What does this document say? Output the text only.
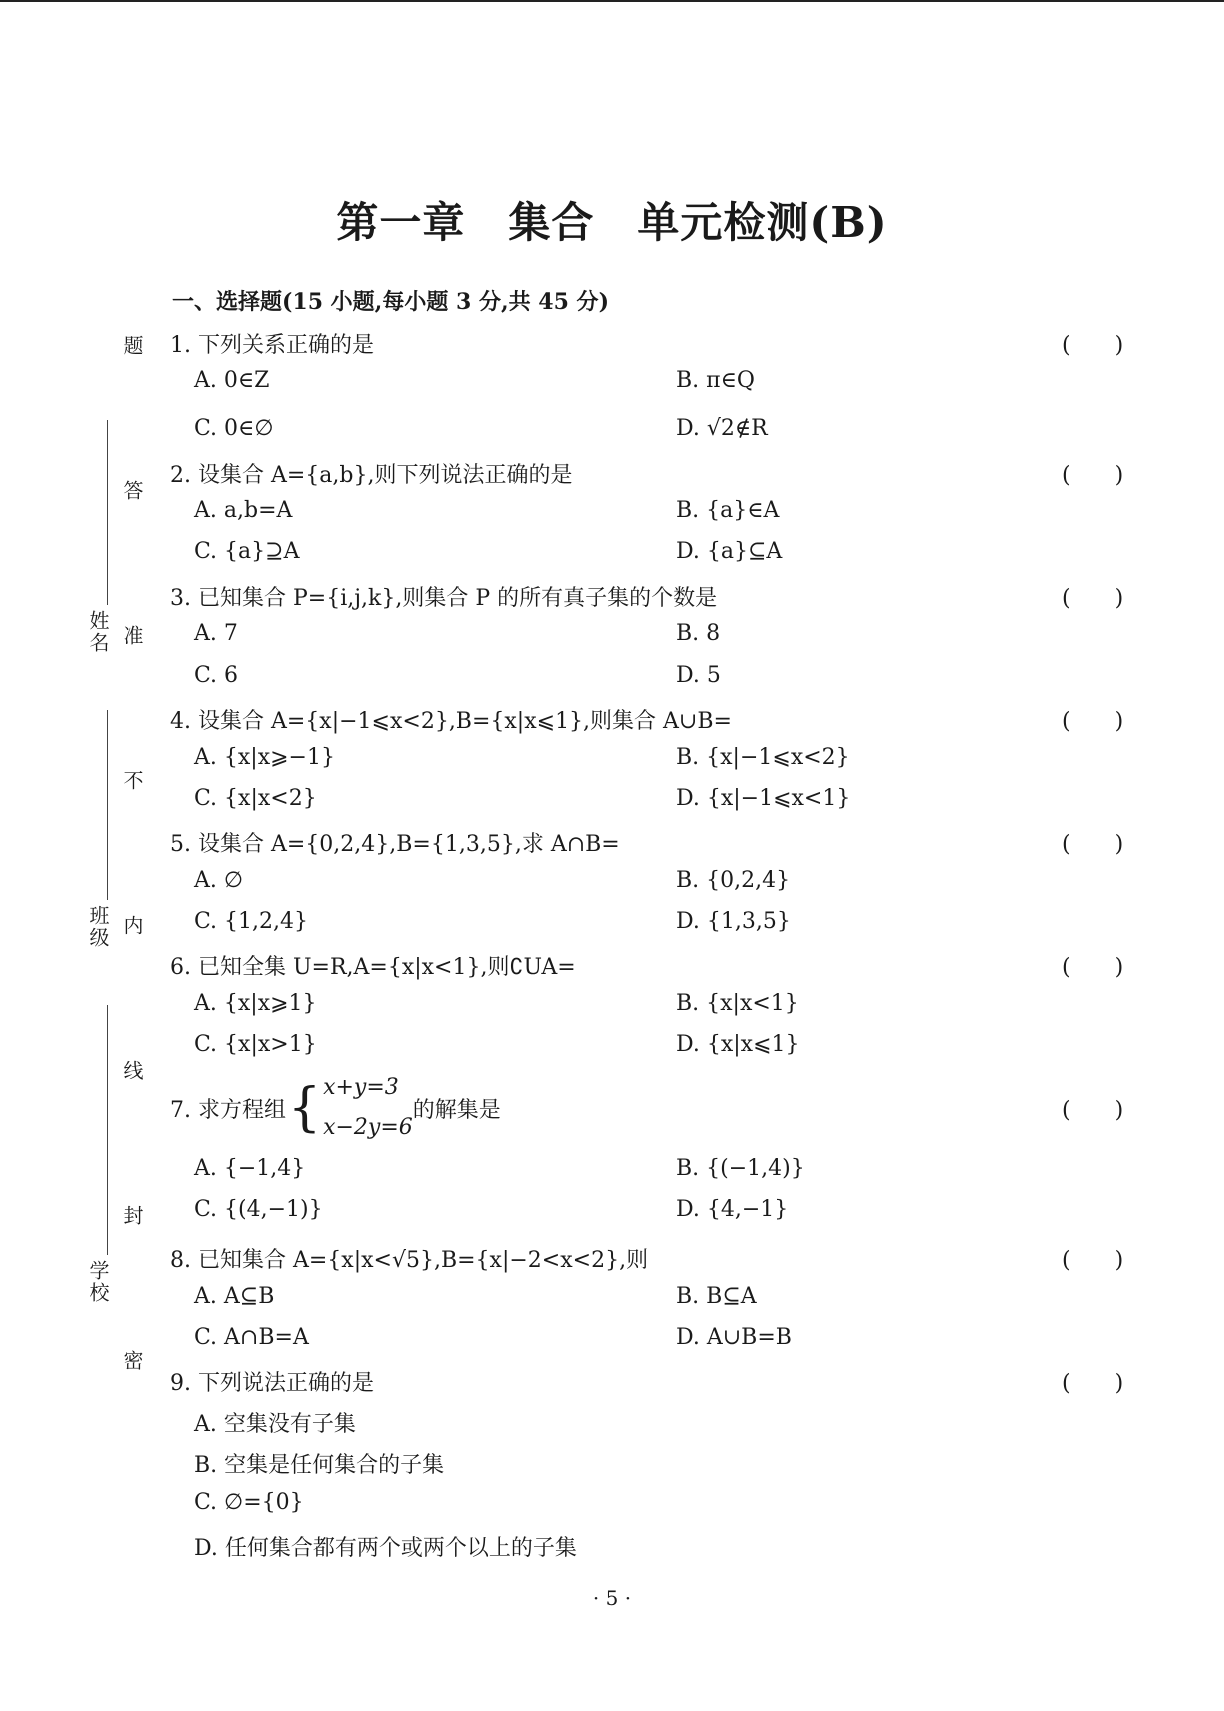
第一章　集合　单元检测(B)
一、选择题(15 小题,每小题 3 分,共 45 分)
题
答
准
不
内
线
封
密
姓名
班级
学校
1. 下列关系正确的是	(　　)
A. 0∈Z	B. π∈Q
C. 0∈∅	D. √2∉R
2. 设集合 A={a,b},则下列说法正确的是	(　　)
A. a,b=A	B. {a}∈A
C. {a}⊇A	D. {a}⊆A
3. 已知集合 P={i,j,k},则集合 P 的所有真子集的个数是	(　　)
A. 7	B. 8
C. 6	D. 5
4. 设集合 A={x|−1⩽x<2},B={x|x⩽1},则集合 A∪B=	(　　)
A. {x|x⩾−1}	B. {x|−1⩽x<2}
C. {x|x<2}	D. {x|−1⩽x<1}
5. 设集合 A={0,2,4},B={1,3,5},求 A∩B=	(　　)
A. ∅	B. {0,2,4}
C. {1,2,4}	D. {1,3,5}
6. 已知全集 U=R,A={x|x<1},则∁UA=	(　　)
A. {x|x⩾1}	B. {x|x<1}
C. {x|x>1}	D. {x|x⩽1}
7. 求方程组 { x+y=3
x−2y=6
的解集是	(　　)
A. {−1,4}	B. {(−1,4)}
C. {(4,−1)}	D. {4,−1}
8. 已知集合 A={x|x<√5},B={x|−2<x<2},则	(　　)
A. A⊆B	B. B⊆A
C. A∩B=A	D. A∪B=B
9. 下列说法正确的是	(　　)
A. 空集没有子集
B. 空集是任何集合的子集
C. ∅={0}
D. 任何集合都有两个或两个以上的子集
· 5 ·
